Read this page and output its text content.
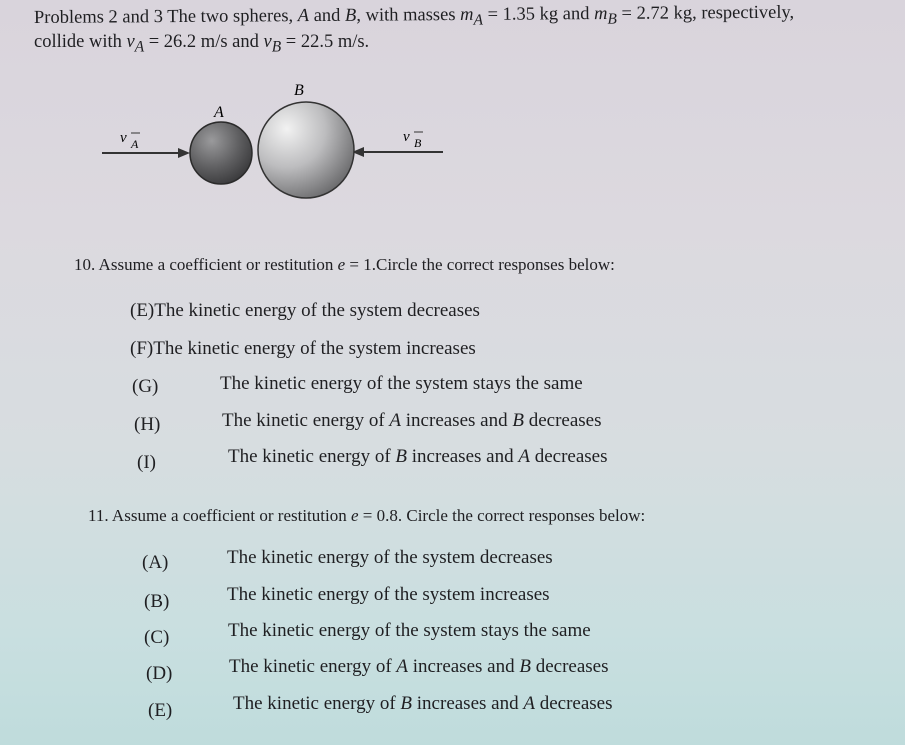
Problems 2 and 3 The two spheres, A and B, with masses $m_A = 1.35$ kg and $m_B = 2.72$ kg, respectively,
collide with $v_A = 26.2$ m/s and $v_B = 22.5$ m/s.
A
B
v A	v B
10. Assume a coefficient or restitution e = 1.Circle the correct responses below:
(E)The kinetic energy of the system decreases
(F)The kinetic energy of the system increases
(G)	The kinetic energy of the system stays the same
(H)	The kinetic energy of A increases and B decreases
(I)	The kinetic energy of B increases and A decreases
11. Assume a coefficient or restitution e = 0.8. Circle the correct responses below:
(A)	The kinetic energy of the system decreases
(B)	The kinetic energy of the system increases
(C)	The kinetic energy of the system stays the same
(D)	The kinetic energy of A increases and B decreases
(E)	The kinetic energy of B increases and A decreases
